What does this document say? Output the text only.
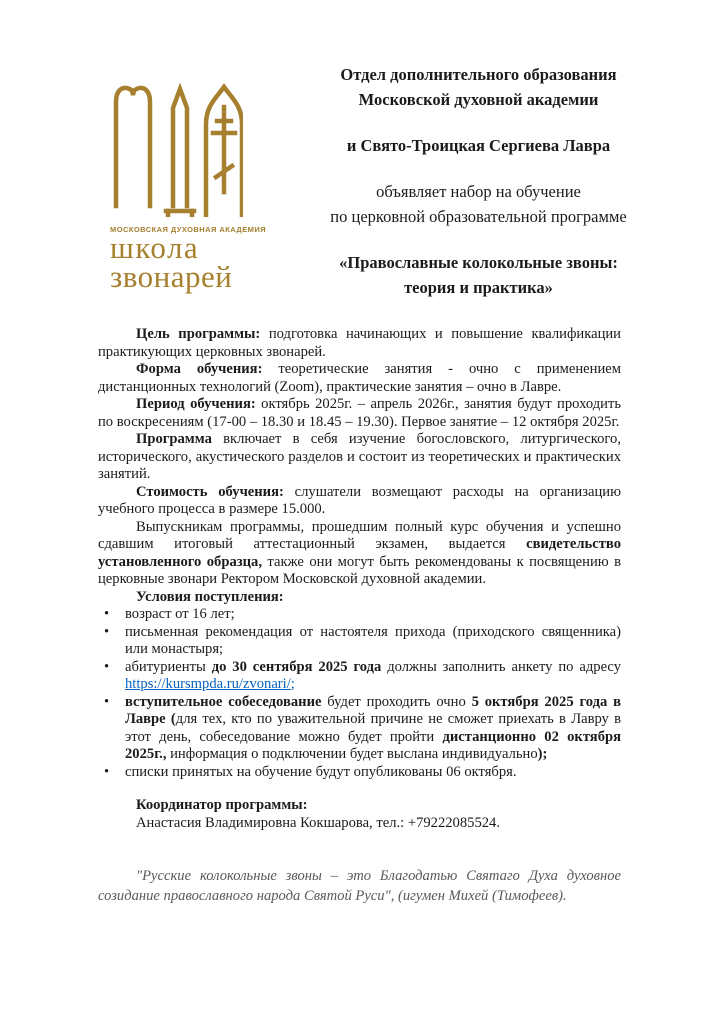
МОСКОВСКАЯ ДУХОВНАЯ АКАДЕМИЯ
школа
звонарей

Отдел дополнительного образования

Московской духовной академии

и Свято-Троицкая Сергиева Лавра

объявляет набор на обучение

по церковной образовательной программе

«Православные колокольные звоны:

теория и практика»

Цель программы: подготовка начинающих и повышение квалификации практикующих церковных звонарей.

Форма обучения: теоретические занятия - очно с применением дистанционных технологий (Zoom), практические занятия – очно в Лавре.

Период обучения: октябрь 2025г. – апрель 2026г., занятия будут проходить по воскресениям (17-00 – 18.30 и 18.45 – 19.30). Первое занятие – 12 октября 2025г.

Программа включает в себя изучение богословского, литургического, исторического, акустического разделов и состоит из теоретических и практических занятий.

Стоимость обучения: слушатели возмещают расходы на организацию учебного процесса в размере 15.000.

Выпускникам программы, прошедшим полный курс обучения и успешно сдавшим итоговый аттестационный экзамен, выдается свидетельство установленного образца, также они могут быть рекомендованы к посвящению в церковные звонари Ректором Московской духовной академии.

Условия поступления:

• возраст от 16 лет;
• письменная рекомендация от настоятеля прихода (приходского священника) или монастыря;
• абитуриенты до 30 сентября 2025 года должны заполнить анкету по адресу https://kursmpda.ru/zvonari/;
• вступительное собеседование будет проходить очно 5 октября 2025 года в Лавре (для тех, кто по уважительной причине не сможет приехать в Лавру в этот день, собеседование можно будет пройти дистанционно 02 октября 2025г., информация о подключении будет выслана индивидуально);
• списки принятых на обучение будут опубликованы 06 октября.

Координатор программы:

Анастасия Владимировна Кокшарова, тел.: +79222085524.

"Русские колокольные звоны – это Благодатью Святаго Духа духовное созидание православного народа Святой Руси", (игумен Михей (Тимофеев).
